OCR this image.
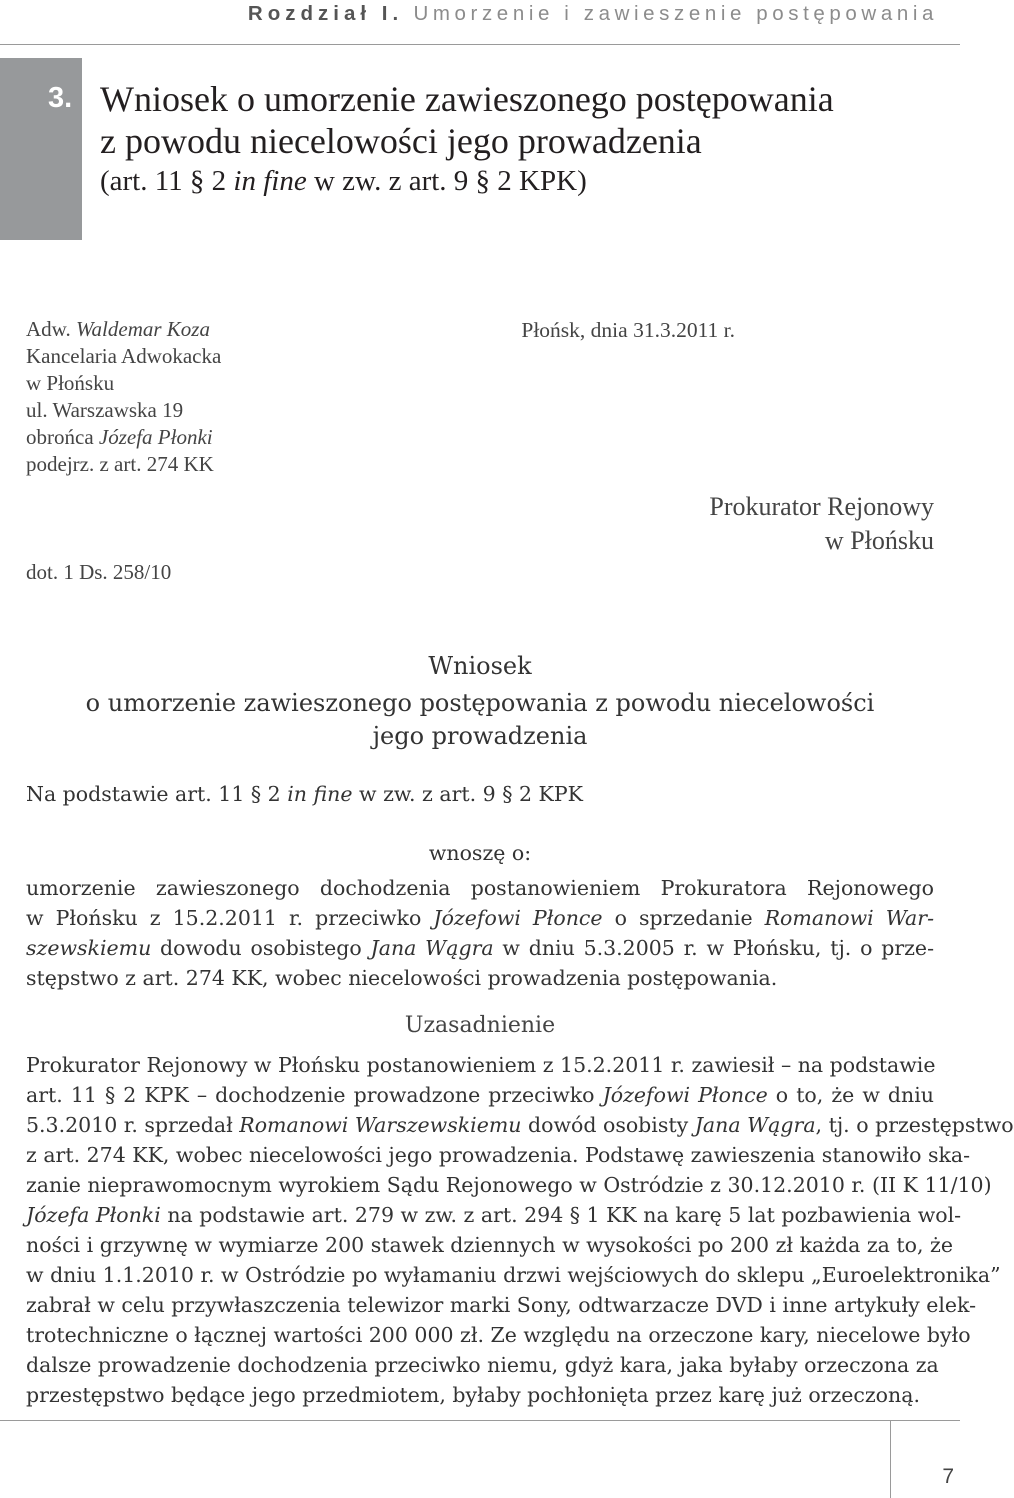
Rozdział I. Umorzenie i zawieszenie postępowania
3. Wniosek o umorzenie zawieszonego postępowania
z powodu niecelowości jego prowadzenia
(art. 11 § 2 in fine w zw. z art. 9 § 2 KPK)
Adw. Waldemar Koza
Kancelaria Adwokacka
w Płońsku
ul. Warszawska 19
obrońca Józefa Płonki
podejrz. z art. 274 KK
dot. 1 Ds. 258/10
Płońsk, dnia 31.3.2011 r.
Prokurator Rejonowy
w Płońsku
Wniosek
o umorzenie zawieszonego postępowania z powodu niecelowości
jego prowadzenia
Na podstawie art. 11 § 2 in fine w zw. z art. 9 § 2 KPK
wnoszę o:
umorzenie zawieszonego dochodzenia postanowieniem Prokuratora Rejonowego
w Płońsku z 15.2.2011 r. przeciwko Józefowi Płonce o sprzedanie Romanowi War-
szewskiemu dowodu osobistego Jana Wągra w dniu 5.3.2005 r. w Płońsku, tj. o prze-
stępstwo z art. 274 KK, wobec niecelowości prowadzenia postępowania.
Uzasadnienie
Prokurator Rejonowy w Płońsku postanowieniem z 15.2.2011 r. zawiesił – na podstawie
art. 11 § 2 KPK – dochodzenie prowadzone przeciwko Józefowi Płonce o to, że w dniu
5.3.2010 r. sprzedał Romanowi Warszewskiemu dowód osobisty Jana Wągra, tj. o przestępstwo
z art. 274 KK, wobec niecelowości jego prowadzenia. Podstawę zawieszenia stanowiło ska-
zanie nieprawomocnym wyrokiem Sądu Rejonowego w Ostródzie z 30.12.2010 r. (II K 11/10)
Józefa Płonki na podstawie art. 279 w zw. z art. 294 § 1 KK na karę 5 lat pozbawienia wol-
ności i grzywnę w wymiarze 200 stawek dziennych w wysokości po 200 zł każda za to, że
w dniu 1.1.2010 r. w Ostródzie po wyłamaniu drzwi wejściowych do sklepu „Euroelektronika”
zabrał w celu przywłaszczenia telewizor marki Sony, odtwarzacze DVD i inne artykuły elek-
trotechniczne o łącznej wartości 200 000 zł. Ze względu na orzeczone kary, niecelowe było
dalsze prowadzenie dochodzenia przeciwko niemu, gdyż kara, jaka byłaby orzeczona za
przestępstwo będące jego przedmiotem, byłaby pochłonięta przez karę już orzeczoną.
7
